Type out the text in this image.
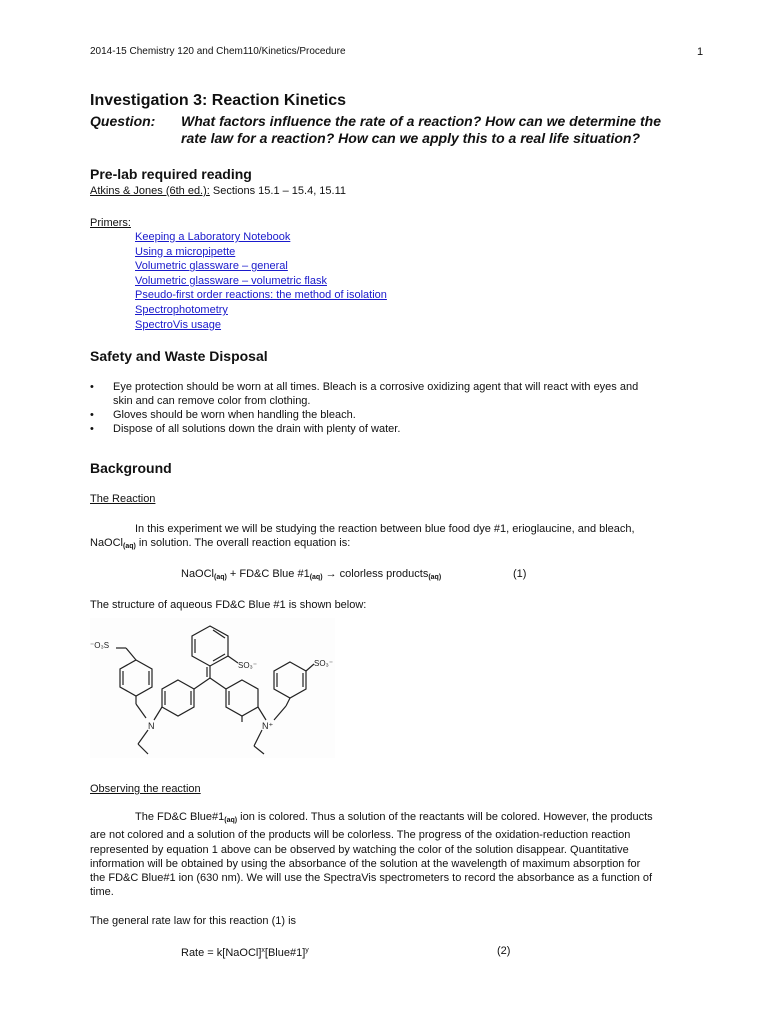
2014-15 Chemistry 120 and Chem110/Kinetics/Procedure	1
Investigation 3: Reaction Kinetics
Question: What factors influence the rate of a reaction? How can we determine the
rate law for a reaction? How can we apply this to a real life situation?
Pre-lab required reading
Atkins & Jones (6th ed.): Sections 15.1 – 15.4, 15.11
Primers:
Keeping a Laboratory Notebook
Using a micropipette
Volumetric glassware – general
Volumetric glassware – volumetric flask
Pseudo-first order reactions: the method of isolation
Spectrophotometry
SpectroVis usage
Safety and Waste Disposal
• Eye protection should be worn at all times. Bleach is a corrosive oxidizing agent that will react with eyes and
skin and can remove color from clothing.
• Gloves should be worn when handling the bleach.
• Dispose of all solutions down the drain with plenty of water.
Background
The Reaction
In this experiment we will be studying the reaction between blue food dye #1, erioglaucine, and bleach,
NaOCl$_{(aq)}$ in solution. The overall reaction equation is:
NaOCl$_{(aq)}$ + FD&C Blue $\#1_{(aq)}$ → colorless products$_{(aq)}$	(1)
The structure of aqueous FD&C Blue #1 is shown below:
⁻O₃S
SO₃⁻	SO₃⁻
N	N⁺
Observing the reaction
The FD&C $Blue\#1_{(aq)}$ ion is colored. Thus a solution of the reactants will be colored. However, the products
are not colored and a solution of the products will be colorless. The progress of the oxidation-reduction reaction
represented by equation 1 above can be observed by watching the color of the solution disappear. Quantitative
information will be obtained by using the absorbance of the solution at the wavelength of maximum absorption for
the FD&C Blue#1 ion (630 nm). We will use the SpectraVis spectrometers to record the absorbance as a function of
time.
The general rate law for this reaction (1) is
Rate = k[NaOCl]$^x$[Blue#1]$^y$	(2)
